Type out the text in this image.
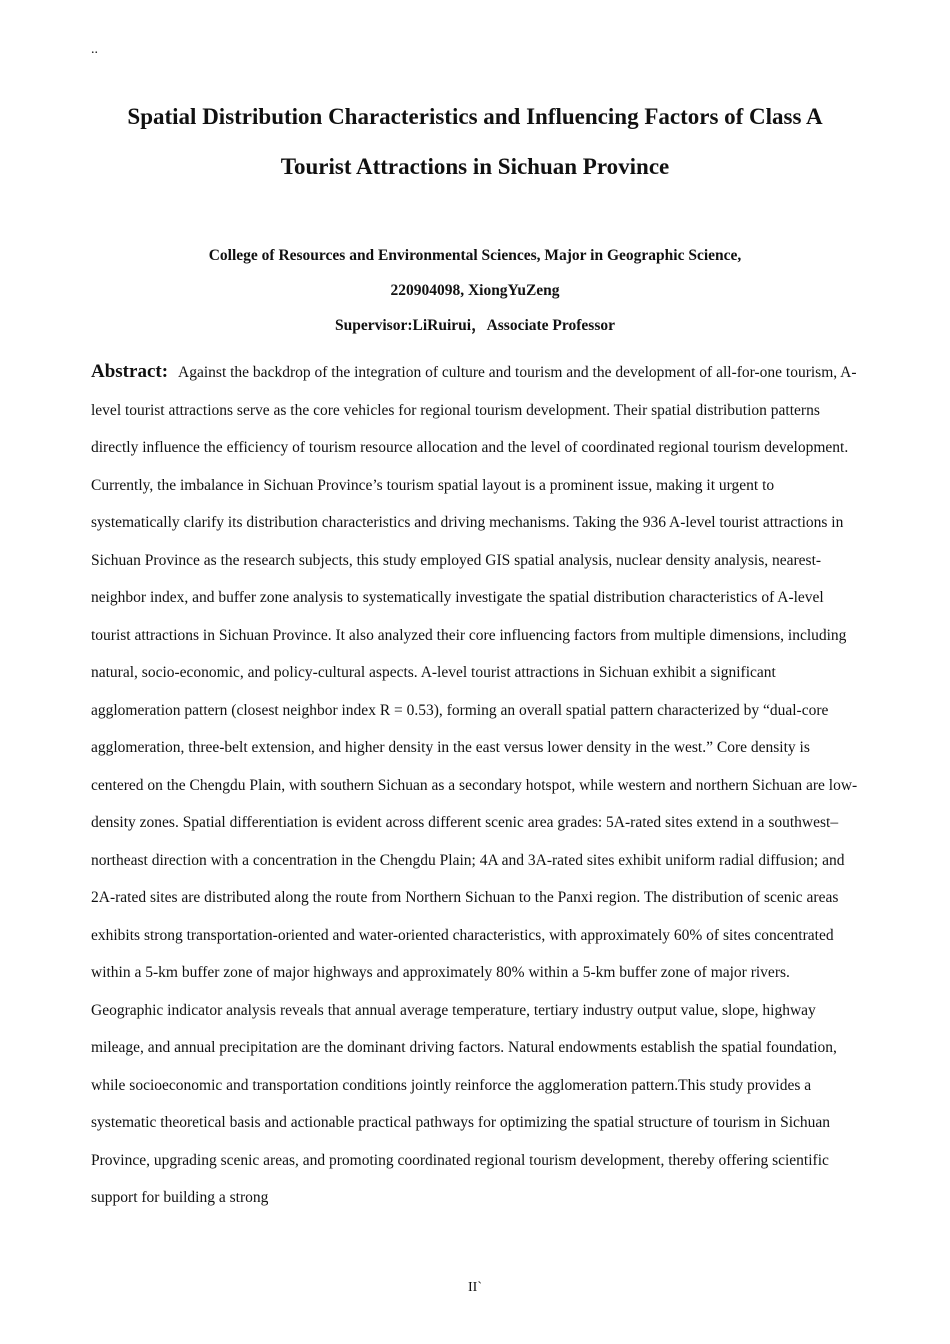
..
Spatial Distribution Characteristics and Influencing Factors of Class A Tourist Attractions in Sichuan Province
College of Resources and Environmental Sciences, Major in Geographic Science,
220904098, XiongYuZeng
Supervisor:LiRuirui，Associate Professor

Abstract: Against the backdrop of the integration of culture and tourism and the development of all-for-one tourism, A-level tourist attractions serve as the core vehicles for regional tourism development. Their spatial distribution patterns directly influence the efficiency of tourism resource allocation and the level of coordinated regional tourism development. Currently, the imbalance in Sichuan Province’s tourism spatial layout is a prominent issue, making it urgent to systematically clarify its distribution characteristics and driving mechanisms. Taking the 936 A-level tourist attractions in Sichuan Province as the research subjects, this study employed GIS spatial analysis, nuclear density analysis, nearest-neighbor index, and buffer zone analysis to systematically investigate the spatial distribution characteristics of A-level tourist attractions in Sichuan Province. It also analyzed their core influencing factors from multiple dimensions, including natural, socio-economic, and policy-cultural aspects. A-level tourist attractions in Sichuan exhibit a significant agglomeration pattern (closest neighbor index R = 0.53), forming an overall spatial pattern characterized by “dual-core agglomeration, three-belt extension, and higher density in the east versus lower density in the west.” Core density is centered on the Chengdu Plain, with southern Sichuan as a secondary hotspot, while western and northern Sichuan are low-density zones. Spatial differentiation is evident across different scenic area grades: 5A-rated sites extend in a southwest–northeast direction with a concentration in the Chengdu Plain; 4A and 3A-rated sites exhibit uniform radial diffusion; and 2A-rated sites are distributed along the route from Northern Sichuan to the Panxi region. The distribution of scenic areas exhibits strong transportation-oriented and water-oriented characteristics, with approximately 60% of sites concentrated within a 5-km buffer zone of major highways and approximately 80% within a 5-km buffer zone of major rivers. Geographic indicator analysis reveals that annual average temperature, tertiary industry output value, slope, highway mileage, and annual precipitation are the dominant driving factors. Natural endowments establish the spatial foundation, while socioeconomic and transportation conditions jointly reinforce the agglomeration pattern.This study provides a systematic theoretical basis and actionable practical pathways for optimizing the spatial structure of tourism in Sichuan Province, upgrading scenic areas, and promoting coordinated regional tourism development, thereby offering scientific support for building a strong

II`
